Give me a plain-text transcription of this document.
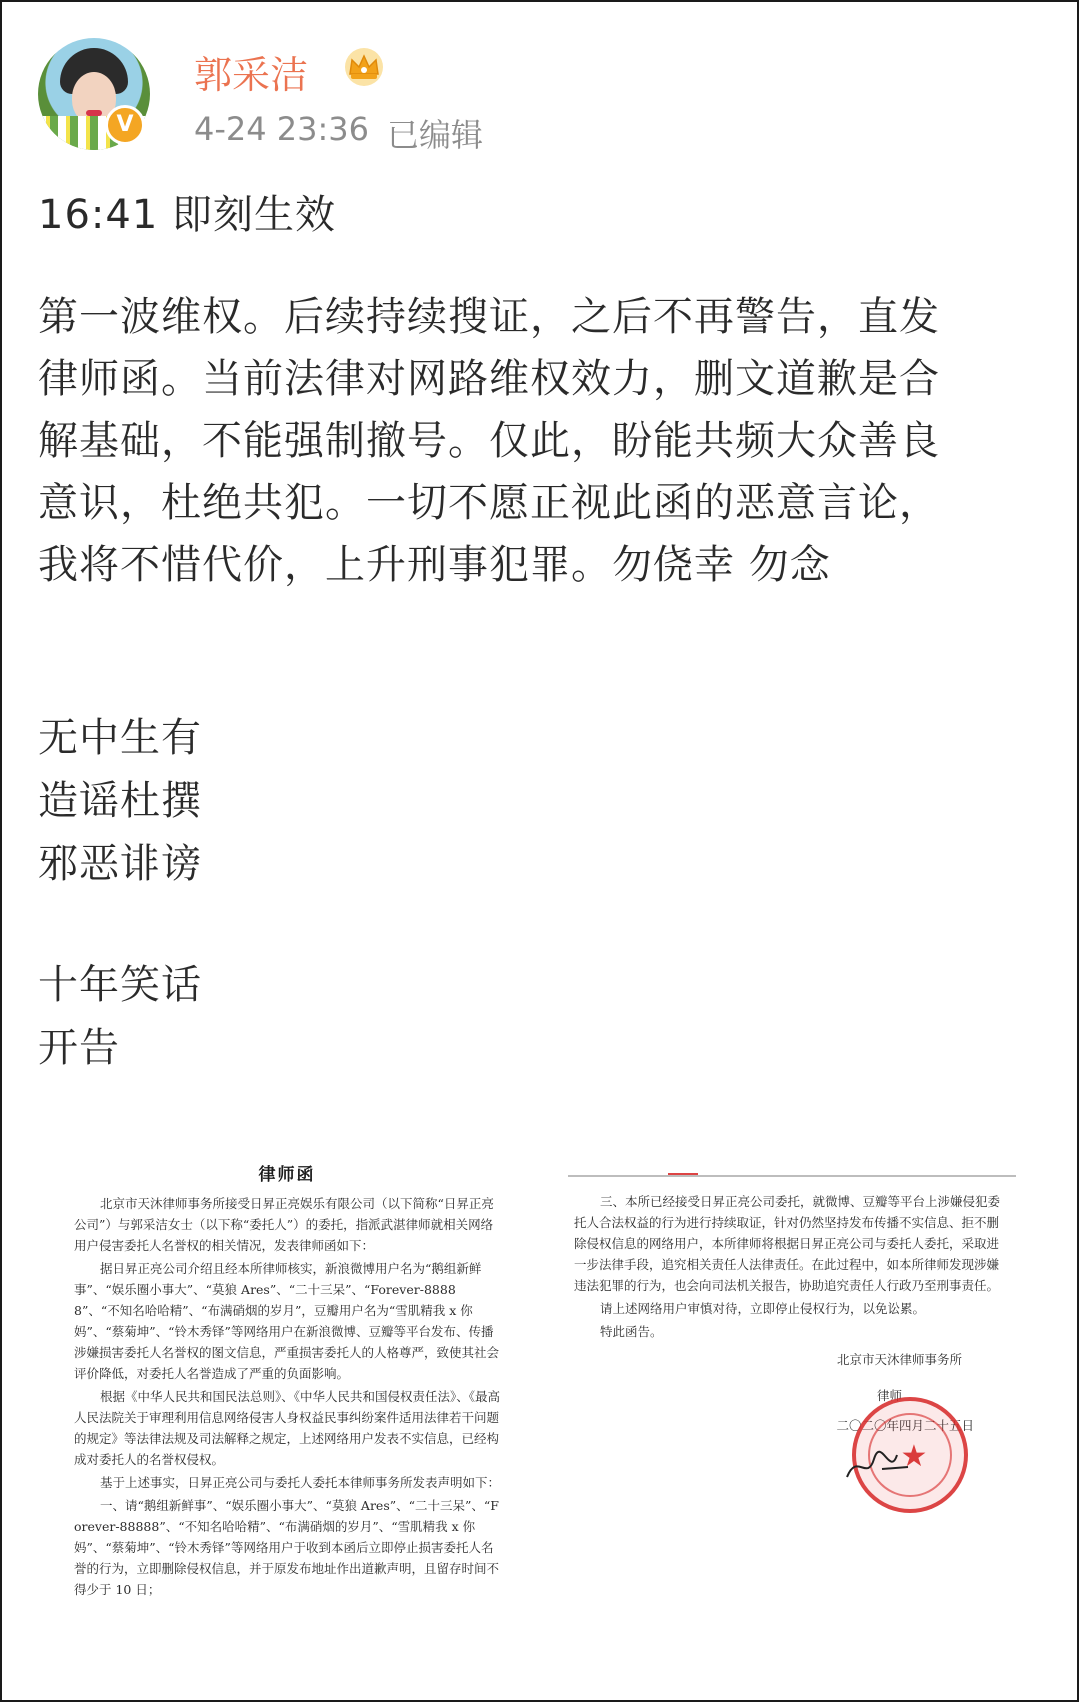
V
郭采洁
4-24 23:36 已编辑
16:41 即刻生效
第一波维权。后续持续搜证，之后不再警告，直发
律师函。当前法律对网路维权效力，删文道歉是合
解基础，不能强制撤号。仅此，盼能共频大众善良
意识，杜绝共犯。一切不愿正视此函的恶意言论，
我将不惜代价，上升刑事犯罪。勿侥幸 勿念
无中生有
造谣杜撰
邪恶诽谤
十年笑话
开告
律师函
北京市天沐律师事务所接受日昇正亮娱乐有限公司（以下简称“日昇正亮公司”）与郭采洁女士（以下称“委托人”）的委托，指派武湛律师就相关网络用户侵害委托人名誉权的相关情况，发表律师函如下：
据日昇正亮公司介绍且经本所律师核实，新浪微博用户名为“鹅组新鲜事”、“娱乐圈小事大”、“莫狼 Ares”、“二十三呆”、“Forever-88888”、“不知名哈哈精”、“布满硝烟的岁月”，豆瓣用户名为“雪肌精我 x 你妈”、“蔡菊坤”、“铃木秀铎”等网络用户在新浪微博、豆瓣等平台发布、传播涉嫌损害委托人名誉权的图文信息，严重损害委托人的人格尊严，致使其社会评价降低，对委托人名誉造成了严重的负面影响。
根据《中华人民共和国民法总则》、《中华人民共和国侵权责任法》、《最高人民法院关于审理利用信息网络侵害人身权益民事纠纷案件适用法律若干问题的规定》等法律法规及司法解释之规定，上述网络用户发表不实信息，已经构成对委托人的名誉权侵权。
基于上述事实，日昇正亮公司与委托人委托本律师事务所发表声明如下：
一、请“鹅组新鲜事”、“娱乐圈小事大”、“莫狼 Ares”、“二十三呆”、“Forever-88888”、“不知名哈哈精”、“布满硝烟的岁月”、“雪肌精我 x 你妈”、“蔡菊坤”、“铃木秀铎”等网络用户于收到本函后立即停止损害委托人名誉的行为，立即删除侵权信息，并于原发布地址作出道歉声明，且留存时间不得少于 10 日；
三、本所已经接受日昇正亮公司委托，就微博、豆瓣等平台上涉嫌侵犯委托人合法权益的行为进行持续取证，针对仍然坚持发布传播不实信息、拒不删除侵权信息的网络用户，本所律师将根据日昇正亮公司与委托人委托，采取进一步法律手段，追究相关责任人法律责任。在此过程中，如本所律师发现涉嫌违法犯罪的行为，也会向司法机关报告，协助追究责任人行政乃至刑事责任。
请上述网络用户审慎对待，立即停止侵权行为，以免讼累。
特此函告。
北京市天沐律师事务所
律师
二〇二〇年四月二十五日
★
